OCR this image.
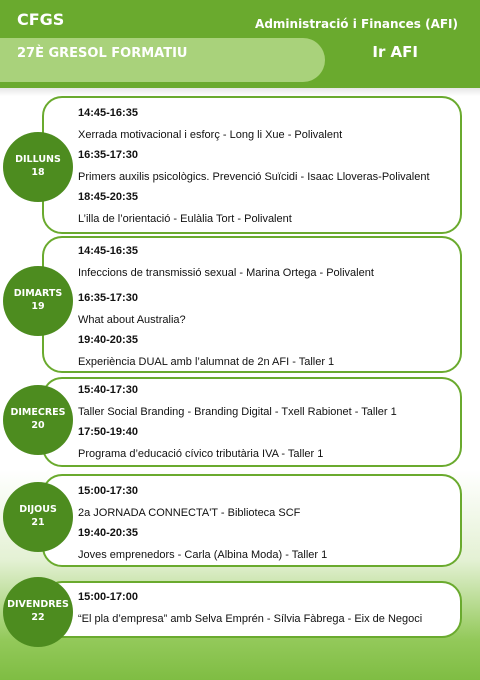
CFGS
27È GRESOL FORMATIU
Administració i Finances (AFI)
Ir AFI
DILLUNS
18
14:45-16:35
Xerrada motivacional i esforç - Long li Xue - Polivalent
16:35-17:30
Primers auxilis psicològics. Prevenció Suïcidi - Isaac Lloveras-Polivalent
18:45-20:35
L’illa de l’orientació - Eulàlia Tort - Polivalent
DIMARTS
19
14:45-16:35
Infeccions de transmissió sexual - Marina Ortega - Polivalent
16:35-17:30
What about Australia?
19:40-20:35
Experiència DUAL amb l’alumnat de 2n AFI - Taller 1
DIMECRES
20
15:40-17:30
Taller Social Branding - Branding Digital - Txell Rabionet - Taller 1
17:50-19:40
Programa d’educació cívico tributària IVA - Taller 1
DIJOUS
21
15:00-17:30
2a JORNADA CONNECTA'T - Biblioteca SCF
19:40-20:35
Joves emprenedors - Carla (Albina Moda) - Taller 1
DIVENDRES
22
15:00-17:00
“El pla d’empresa” amb Selva Emprén - Sílvia Fàbrega - Eix de Negoci
